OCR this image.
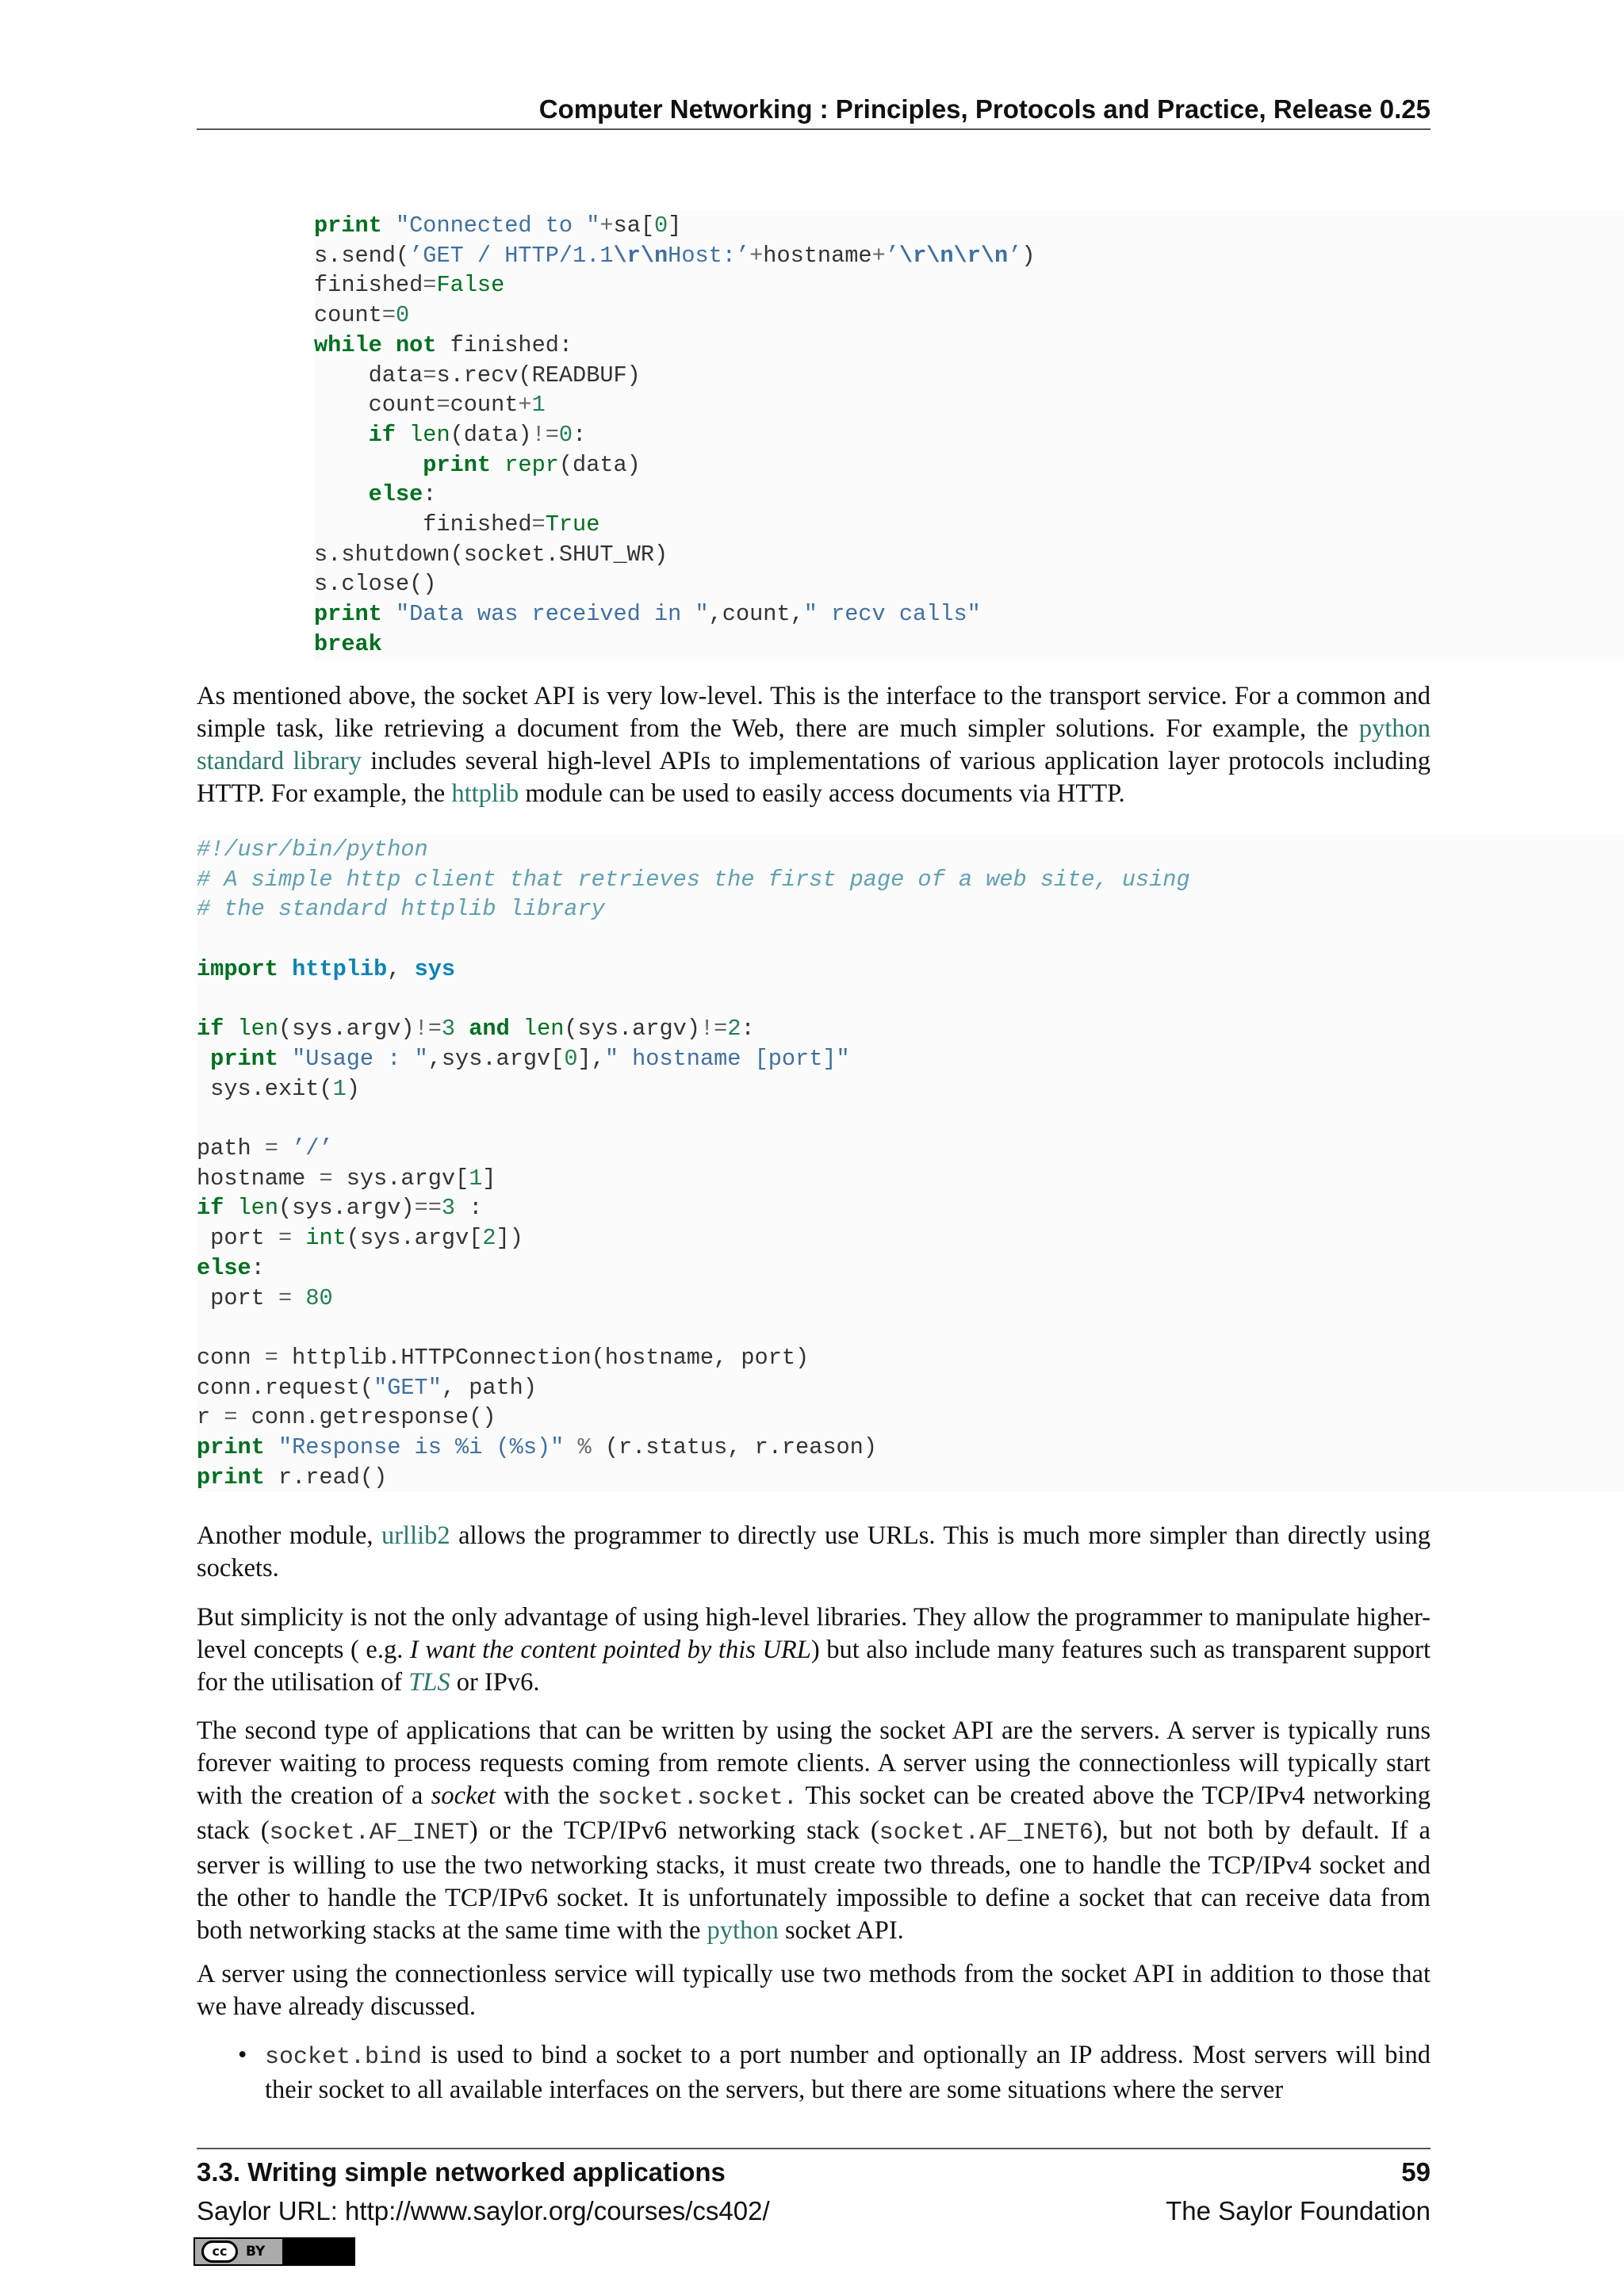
Computer Networking : Principles, Protocols and Practice, Release 0.25
print "Connected to "+sa[0]
s.send(’GET / HTTP/1.1\r\nHost:’+hostname+’\r\n\r\n’)
finished=False
count=0
while not finished:
data=s.recv(READBUF)
count=count+1
if len(data)!=0:
print repr(data)
else:
finished=True
s.shutdown(socket.SHUT_WR)
s.close()
print "Data was received in ",count," recv calls"
break

As mentioned above, the socket API is very low-level. This is the interface to the transport service. For a common and simple task, like retrieving a document from the Web, there are much simpler solutions. For example, the python standard library includes several high-level APIs to implementations of various application layer protocols including HTTP. For example, the httplib module can be used to easily access documents via HTTP.

#!/usr/bin/python
# A simple http client that retrieves the first page of a web site, using
# the standard httplib library

import httplib, sys

if len(sys.argv)!=3 and len(sys.argv)!=2:
print "Usage : ",sys.argv[0]," hostname [port]"
sys.exit(1)

path = ’/’
hostname = sys.argv[1]
if len(sys.argv)==3 :
port = int(sys.argv[2])
else:
port = 80

conn = httplib.HTTPConnection(hostname, port)
conn.request("GET", path)
r = conn.getresponse()
print "Response is %i (%s)" % (r.status, r.reason)
print r.read()

Another module, urllib2 allows the programmer to directly use URLs. This is much more simpler than directly using sockets.

But simplicity is not the only advantage of using high-level libraries. They allow the programmer to manipulate higher-level concepts ( e.g. I want the content pointed by this URL) but also include many features such as transparent support for the utilisation of TLS or IPv6.

The second type of applications that can be written by using the socket API are the servers. A server is typically runs forever waiting to process requests coming from remote clients. A server using the connectionless will typically start with the creation of a socket with the socket.socket. This socket can be created above the TCP/IPv4 networking stack (socket.AF_INET) or the TCP/IPv6 networking stack (socket.AF_INET6), but not both by default. If a server is willing to use the two networking stacks, it must create two threads, one to handle the TCP/IPv4 socket and the other to handle the TCP/IPv6 socket. It is unfortunately impossible to define a socket that can receive data from both networking stacks at the same time with the python socket API.

A server using the connectionless service will typically use two methods from the socket API in addition to those that we have already discussed.

• socket.bind is used to bind a socket to a port number and optionally an IP address. Most servers will bind their socket to all available interfaces on the servers, but there are some situations where the server

3.3. Writing simple networked applications	59
Saylor URL: http://www.saylor.org/courses/cs402/	The Saylor Foundation
cc	BY
